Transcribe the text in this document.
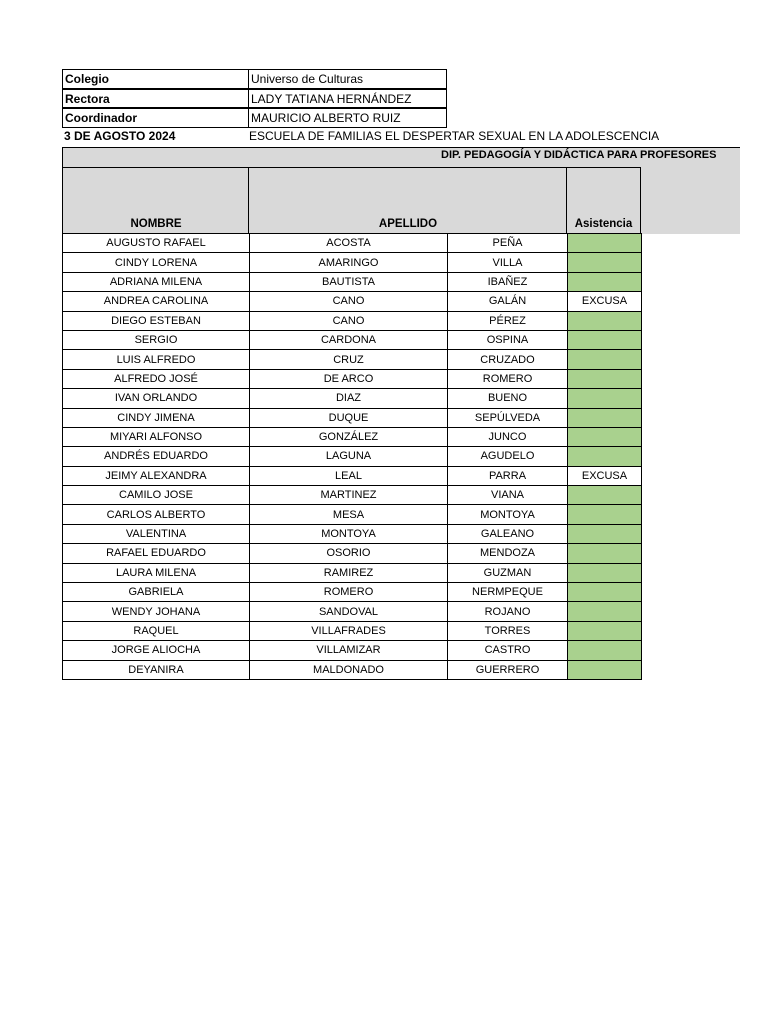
Colegio	Universo de Culturas
Rectora	LADY TATIANA HERNÁNDEZ
Coordinador	MAURICIO ALBERTO RUIZ
3 DE AGOSTO 2024	ESCUELA DE FAMILIAS EL DESPERTAR SEXUAL EN LA ADOLESCENCIA
DIP. PEDAGOGÍA Y DIDÁCTICA PARA PROFESORES
NOMBRE	APELLIDO	Asistencia
AUGUSTO RAFAEL	ACOSTA	PEÑA	
CINDY LORENA	AMARINGO	VILLA	
ADRIANA MILENA	BAUTISTA	IBAÑEZ	
ANDREA CAROLINA	CANO	GALÁN	EXCUSA
DIEGO ESTEBAN	CANO	PÉREZ	
SERGIO	CARDONA	OSPINA	
LUIS ALFREDO	CRUZ	CRUZADO	
ALFREDO JOSÉ	DE ARCO	ROMERO	
IVAN ORLANDO	DIAZ	BUENO	
CINDY JIMENA	DUQUE	SEPÚLVEDA	
MIYARI ALFONSO	GONZÁLEZ	JUNCO	
ANDRÉS EDUARDO	LAGUNA	AGUDELO	
JEIMY ALEXANDRA	LEAL	PARRA	EXCUSA
CAMILO JOSE	MARTINEZ	VIANA	
CARLOS ALBERTO	MESA	MONTOYA	
VALENTINA	MONTOYA	GALEANO	
RAFAEL EDUARDO	OSORIO	MENDOZA	
LAURA MILENA	RAMIREZ	GUZMAN	
GABRIELA	ROMERO	NERMPEQUE	
WENDY JOHANA	SANDOVAL	ROJANO	
RAQUEL	VILLAFRADES	TORRES	
JORGE ALIOCHA	VILLAMIZAR	CASTRO	
DEYANIRA	MALDONADO	GUERRERO	
